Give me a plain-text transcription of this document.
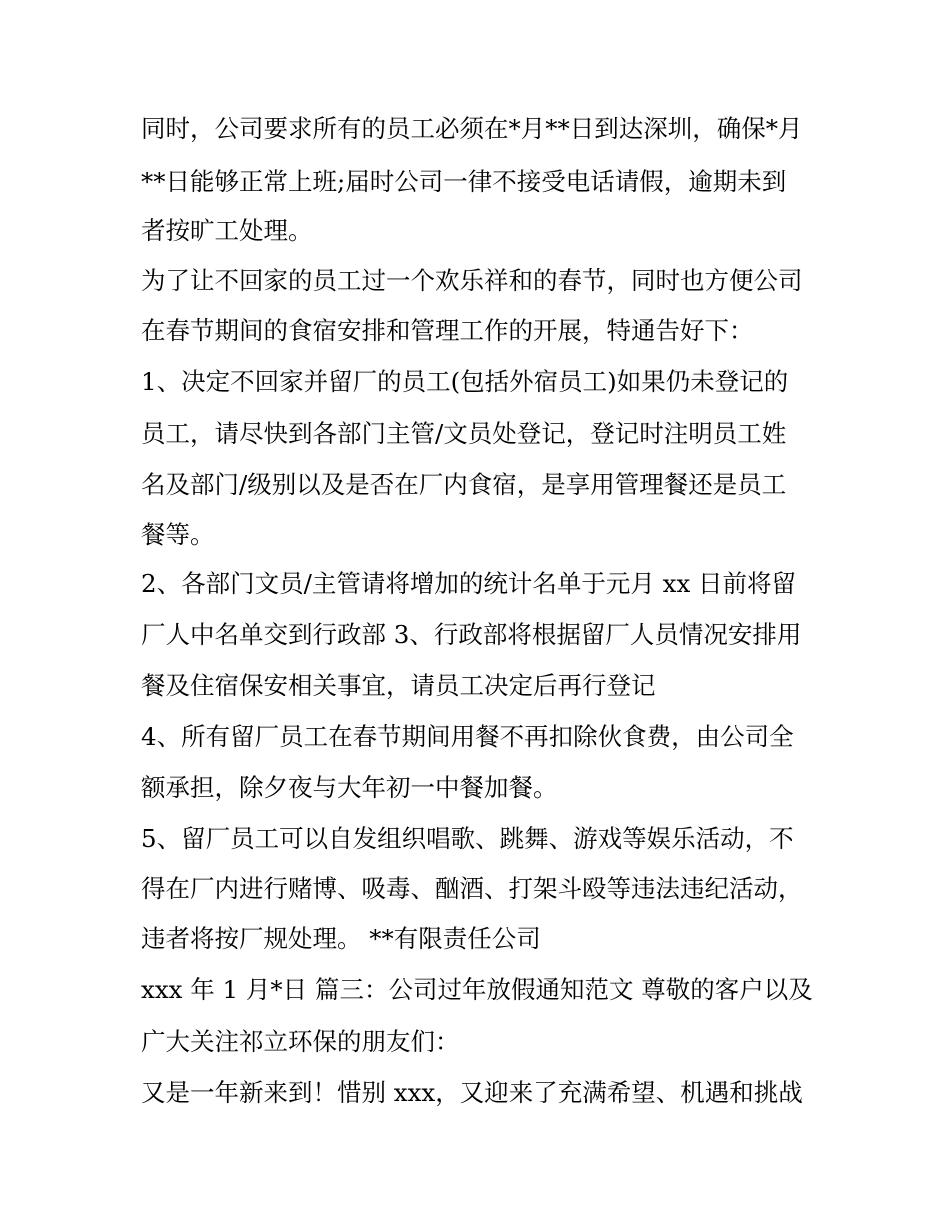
同时，公司要求所有的员工必须在*月**日到达深圳，确保*月
**日能够正常上班;届时公司一律不接受电话请假，逾期未到
者按旷工处理。
为了让不回家的员工过一个欢乐祥和的春节，同时也方便公司
在春节期间的食宿安排和管理工作的开展，特通告好下：
1、决定不回家并留厂的员工(包括外宿员工)如果仍未登记的
员工，请尽快到各部门主管/文员处登记，登记时注明员工姓
名及部门/级别以及是否在厂内食宿，是享用管理餐还是员工
餐等。
2、各部门文员/主管请将增加的统计名单于元月 xx 日前将留
厂人中名单交到行政部 3、行政部将根据留厂人员情况安排用
餐及住宿保安相关事宜，请员工决定后再行登记
4、所有留厂员工在春节期间用餐不再扣除伙食费，由公司全
额承担，除夕夜与大年初一中餐加餐。
5、留厂员工可以自发组织唱歌、跳舞、游戏等娱乐活动，不
得在厂内进行赌博、吸毒、酗酒、打架斗殴等违法违纪活动，
违者将按厂规处理。 **有限责任公司
xxx 年 1 月*日 篇三：公司过年放假通知范文 尊敬的客户以及
广大关注祁立环保的朋友们：
又是一年新来到！惜别 xxx，又迎来了充满希望、机遇和挑战
